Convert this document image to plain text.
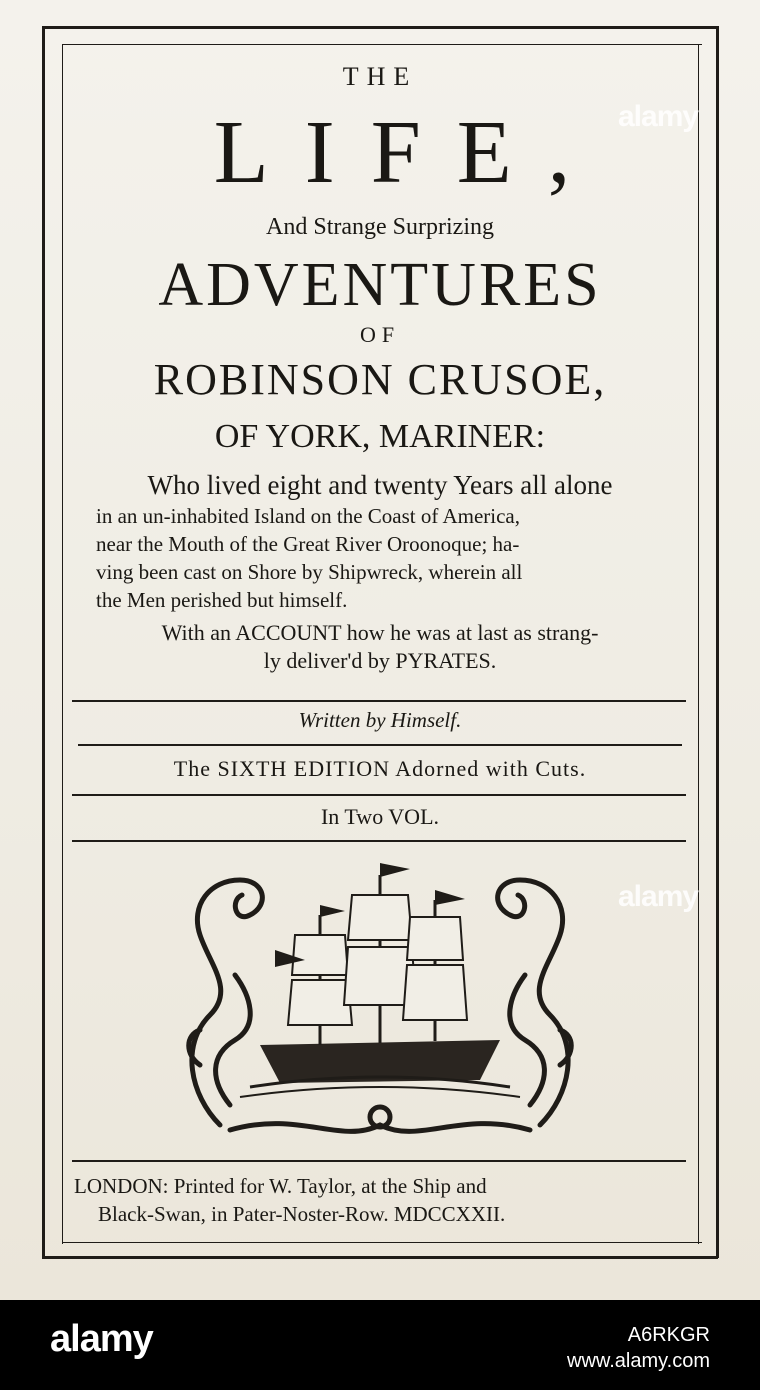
THE
LIFE,
And Strange Surprizing
ADVENTURES
OF
ROBINSON CRUSOE,
OF YORK, MARINER:
Who lived eight and twenty Years all alone
in an un-inhabited Island on the Coast of America,
near the Mouth of the Great River Oroonoque; ha-
ving been cast on Shore by Shipwreck, wherein all
the Men perished but himself.
With an ACCOUNT how he was at last as strang-
ly deliver'd by PYRATES.
Written by Himself.
The SIXTH EDITION Adorned with Cuts.
In Two VOL.
LONDON: Printed for W. Taylor, at the Ship and
Black-Swan, in Pater-Noster-Row. MDCCXXII.
alamy
alamy
alamy	A6RKGR
www.alamy.com
